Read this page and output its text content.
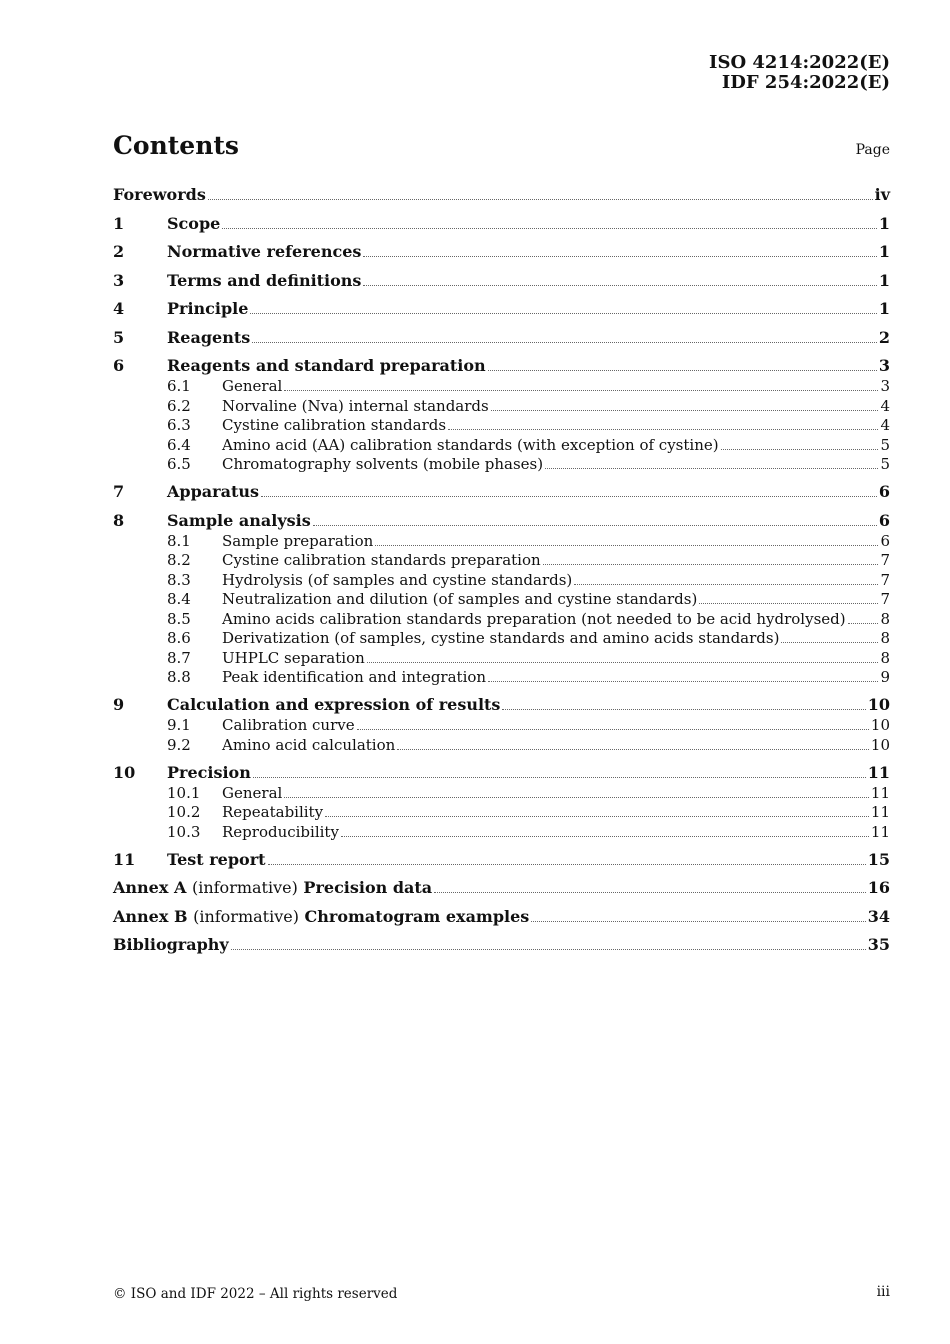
ISO 4214:2022(E)
IDF 254:2022(E)
Contents	Page
Forewords	iv
1	Scope	1
2	Normative references	1
3	Terms and definitions	1
4	Principle	1
5	Reagents	2
6	Reagents and standard preparation	3
6.1	General	3
6.2	Norvaline (Nva) internal standards	4
6.3	Cystine calibration standards	4
6.4	Amino acid (AA) calibration standards (with exception of cystine)	5
6.5	Chromatography solvents (mobile phases)	5
7	Apparatus	6
8	Sample analysis	6
8.1	Sample preparation	6
8.2	Cystine calibration standards preparation	7
8.3	Hydrolysis (of samples and cystine standards)	7
8.4	Neutralization and dilution (of samples and cystine standards)	7
8.5	Amino acids calibration standards preparation (not needed to be acid hydrolysed) 8
8.6	Derivatization (of samples, cystine standards and amino acids standards)	8
8.7	UHPLC separation	8
8.8	Peak identification and integration	9
9	Calculation and expression of results	10
9.1	Calibration curve	10
9.2	Amino acid calculation	10
10	Precision	11
10.1	General	11
10.2	Repeatability	11
10.3	Reproducibility	11
11	Test report	15
Annex A (informative) Precision data	16
Annex B (informative) Chromatogram examples	34
Bibliography	35
© ISO and IDF 2022 – All rights reserved	iii
